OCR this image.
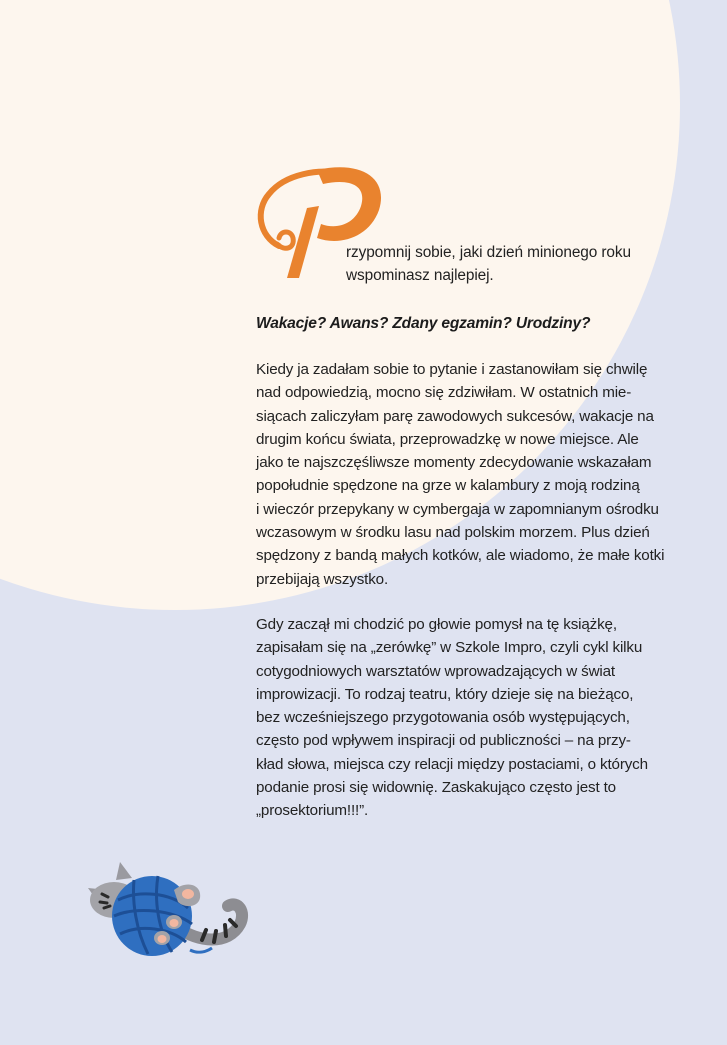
P
rzypomnij sobie, jaki dzień minionego roku
wspominasz najlepiej.

Wakacje? Awans? Zdany egzamin? Urodziny?

Kiedy ja zadałam sobie to pytanie i zastanowiłam się chwilę
nad odpowiedzią, mocno się zdziwiłam. W ostatnich mie-
siącach zaliczyłam parę zawodowych sukcesów, wakacje na
drugim końcu świata, przeprowadzkę w nowe miejsce. Ale
jako te najszczęśliwsze momenty zdecydowanie wskazałam
popołudnie spędzone na grze w kalambury z moją rodziną
i wieczór przepykany w cymbergaja w zapomnianym ośrodku
wczasowym w środku lasu nad polskim morzem. Plus dzień
spędzony z bandą małych kotków, ale wiadomo, że małe kotki
przebijają wszystko.
Gdy zaczął mi chodzić po głowie pomysł na tę książkę,
zapisałam się na „zerówkę” w Szkole Impro, czyli cykl kilku
cotygodniowych warsztatów wprowadzających w świat
improwizacji. To rodzaj teatru, który dzieje się na bieżąco,
bez wcześniejszego przygotowania osób występujących,
często pod wpływem inspiracji od publiczności – na przy-
kład słowa, miejsca czy relacji między postaciami, o których
podanie prosi się widownię. Zaskakująco często jest to
„prosektorium!!!”.
